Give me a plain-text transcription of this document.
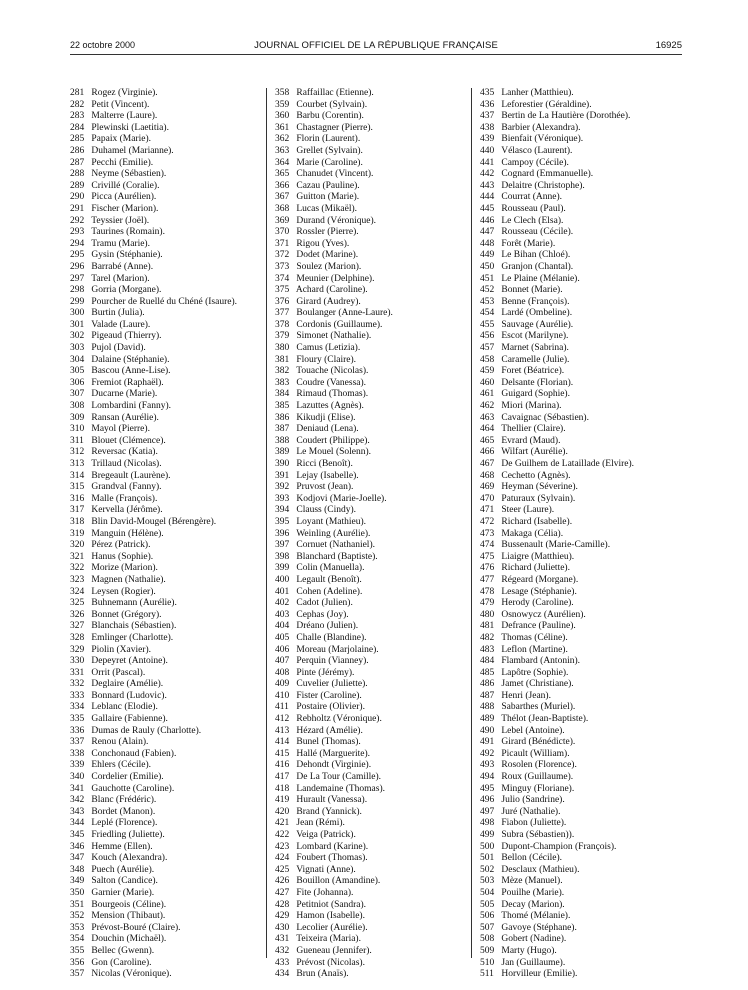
22 octobre 2000	JOURNAL OFFICIEL DE LA RÉPUBLIQUE FRANÇAISE	16925
281 Rogez (Virginie).
282 Petit (Vincent).
283 Malterre (Laure).
284 Plewinski (Laetitia).
285 Papaix (Marie).
286 Duhamel (Marianne).
287 Pecchi (Emilie).
288 Neyme (Sébastien).
289 Crivillé (Coralie).
290 Picca (Aurélien).
291 Fischer (Marion).
292 Teyssier (Joël).
293 Taurines (Romain).
294 Tramu (Marie).
295 Gysin (Stéphanie).
296 Barrabé (Anne).
297 Tarel (Marion).
298 Gorria (Morgane).
299 Pourcher de Ruellé du Chéné (Isaure).
300 Burtin (Julia).
301 Valade (Laure).
302 Pigeaud (Thierry).
303 Pujol (David).
304 Dalaine (Stéphanie).
305 Bascou (Anne-Lise).
306 Fremiot (Raphaël).
307 Ducarne (Marie).
308 Lombardini (Fanny).
309 Ransan (Aurélie).
310 Mayol (Pierre).
311 Blouet (Clémence).
312 Reversac (Katia).
313 Trillaud (Nicolas).
314 Bregeault (Laurène).
315 Grandval (Fanny).
316 Malle (François).
317 Kervella (Jérôme).
318 Blin David-Mougel (Bérengère).
319 Manguin (Hélène).
320 Pérez (Patrick).
321 Hanus (Sophie).
322 Morize (Marion).
323 Magnen (Nathalie).
324 Leysen (Rogier).
325 Buhnemann (Aurélie).
326 Bonnet (Grégory).
327 Blanchais (Sébastien).
328 Emlinger (Charlotte).
329 Piolin (Xavier).
330 Depeyret (Antoine).
331 Orrit (Pascal).
332 Deglaire (Amélie).
333 Bonnard (Ludovic).
334 Leblanc (Elodie).
335 Gallaire (Fabienne).
336 Dumas de Rauly (Charlotte).
337 Renou (Alain).
338 Conchonaud (Fabien).
339 Ehlers (Cécile).
340 Cordelier (Emilie).
341 Gauchotte (Caroline).
342 Blanc (Frédéric).
343 Bordet (Manon).
344 Leplé (Florence).
345 Friedling (Juliette).
346 Hemme (Ellen).
347 Kouch (Alexandra).
348 Puech (Aurélie).
349 Salton (Candice).
350 Garnier (Marie).
351 Bourgeois (Céline).
352 Mension (Thibaut).
353 Prévost-Bouré (Claire).
354 Douchin (Michaël).
355 Bellec (Gwenn).
356 Gon (Caroline).
357 Nicolas (Véronique).
358 Raffaillac (Etienne).
359 Courbet (Sylvain).
360 Barbu (Corentin).
361 Chastagner (Pierre).
362 Florin (Laurent).
363 Grellet (Sylvain).
364 Marie (Caroline).
365 Chanudet (Vincent).
366 Cazau (Pauline).
367 Guitton (Marie).
368 Lucas (Mikaël).
369 Durand (Véronique).
370 Rossler (Pierre).
371 Rigou (Yves).
372 Dodet (Marine).
373 Soulez (Marion).
374 Meunier (Delphine).
375 Achard (Caroline).
376 Girard (Audrey).
377 Boulanger (Anne-Laure).
378 Cordonis (Guillaume).
379 Simonet (Nathalie).
380 Camus (Letizia).
381 Floury (Claire).
382 Touache (Nicolas).
383 Coudre (Vanessa).
384 Rimaud (Thomas).
385 Lazuttes (Agnès).
386 Kikudji (Elise).
387 Deniaud (Lena).
388 Coudert (Philippe).
389 Le Mouel (Solenn).
390 Ricci (Benoît).
391 Lejay (Isabelle).
392 Pruvost (Jean).
393 Kodjovi (Marie-Joelle).
394 Clauss (Cindy).
395 Loyant (Mathieu).
396 Weinling (Aurélie).
397 Cornuet (Nathaniel).
398 Blanchard (Baptiste).
399 Colin (Manuella).
400 Legault (Benoît).
401 Cohen (Adeline).
402 Cadot (Julien).
403 Cephas (Joy).
404 Dréano (Julien).
405 Challe (Blandine).
406 Moreau (Marjolaine).
407 Perquin (Vianney).
408 Pinte (Jérémy).
409 Cuvelier (Juliette).
410 Fister (Caroline).
411 Postaire (Olivier).
412 Rebholtz (Véronique).
413 Hézard (Amélie).
414 Bunel (Thomas).
415 Hallé (Marguerite).
416 Dehondt (Virginie).
417 De La Tour (Camille).
418 Landemaine (Thomas).
419 Hurault (Vanessa).
420 Brand (Yannick).
421 Jean (Rémi).
422 Veiga (Patrick).
423 Lombard (Karine).
424 Foubert (Thomas).
425 Vignati (Anne).
426 Bouillon (Amandine).
427 Fite (Johanna).
428 Petitniot (Sandra).
429 Hamon (Isabelle).
430 Lecolier (Aurélie).
431 Teixeira (Maria).
432 Gueneau (Jennifer).
433 Prévost (Nicolas).
434 Brun (Anaïs).
435 Lanher (Matthieu).
436 Leforestier (Géraldine).
437 Bertin de La Hautière (Dorothée).
438 Barbier (Alexandra).
439 Bienfait (Véronique).
440 Vélasco (Laurent).
441 Campoy (Cécile).
442 Cognard (Emmanuelle).
443 Delaitre (Christophe).
444 Courrat (Anne).
445 Rousseau (Paul).
446 Le Clech (Elsa).
447 Rousseau (Cécile).
448 Forêt (Marie).
449 Le Bihan (Chloé).
450 Granjon (Chantal).
451 Le Plaine (Mélanie).
452 Bonnet (Marie).
453 Benne (François).
454 Lardé (Ombeline).
455 Sauvage (Aurélie).
456 Escot (Marilyne).
457 Marnet (Sabrina).
458 Caramelle (Julie).
459 Foret (Béatrice).
460 Delsante (Florian).
461 Guigard (Sophie).
462 Miori (Marina).
463 Cavaignac (Sébastien).
464 Thellier (Claire).
465 Evrard (Maud).
466 Wilfart (Aurélie).
467 De Guilhem de Lataillade (Elvire).
468 Cechetto (Agnès).
469 Heyman (Séverine).
470 Paturaux (Sylvain).
471 Steer (Laure).
472 Richard (Isabelle).
473 Makaga (Célia).
474 Bussenault (Marie-Camille).
475 Liaigre (Matthieu).
476 Richard (Juliette).
477 Régeard (Morgane).
478 Lesage (Stéphanie).
479 Herody (Caroline).
480 Osnowycz (Aurélien).
481 Defrance (Pauline).
482 Thomas (Céline).
483 Leflon (Martine).
484 Flambard (Antonin).
485 Lapôtre (Sophie).
486 Jamet (Christiane).
487 Henri (Jean).
488 Sabarthes (Muriel).
489 Thélot (Jean-Baptiste).
490 Lebel (Antoine).
491 Girard (Bénédicte).
492 Picault (William).
493 Rosolen (Florence).
494 Roux (Guillaume).
495 Minguy (Floriane).
496 Julio (Sandrine).
497 Juré (Nathalie).
498 Fiabon (Juliette).
499 Subra (Sébastien)).
500 Dupont-Champion (François).
501 Bellon (Cécile).
502 Desclaux (Mathieu).
503 Mèze (Manuel).
504 Pouilhe (Marie).
505 Decay (Marion).
506 Thomé (Mélanie).
507 Gavoye (Stéphane).
508 Gobert (Nadine).
509 Marty (Hugo).
510 Jan (Guillaume).
511 Horvilleur (Emilie).
